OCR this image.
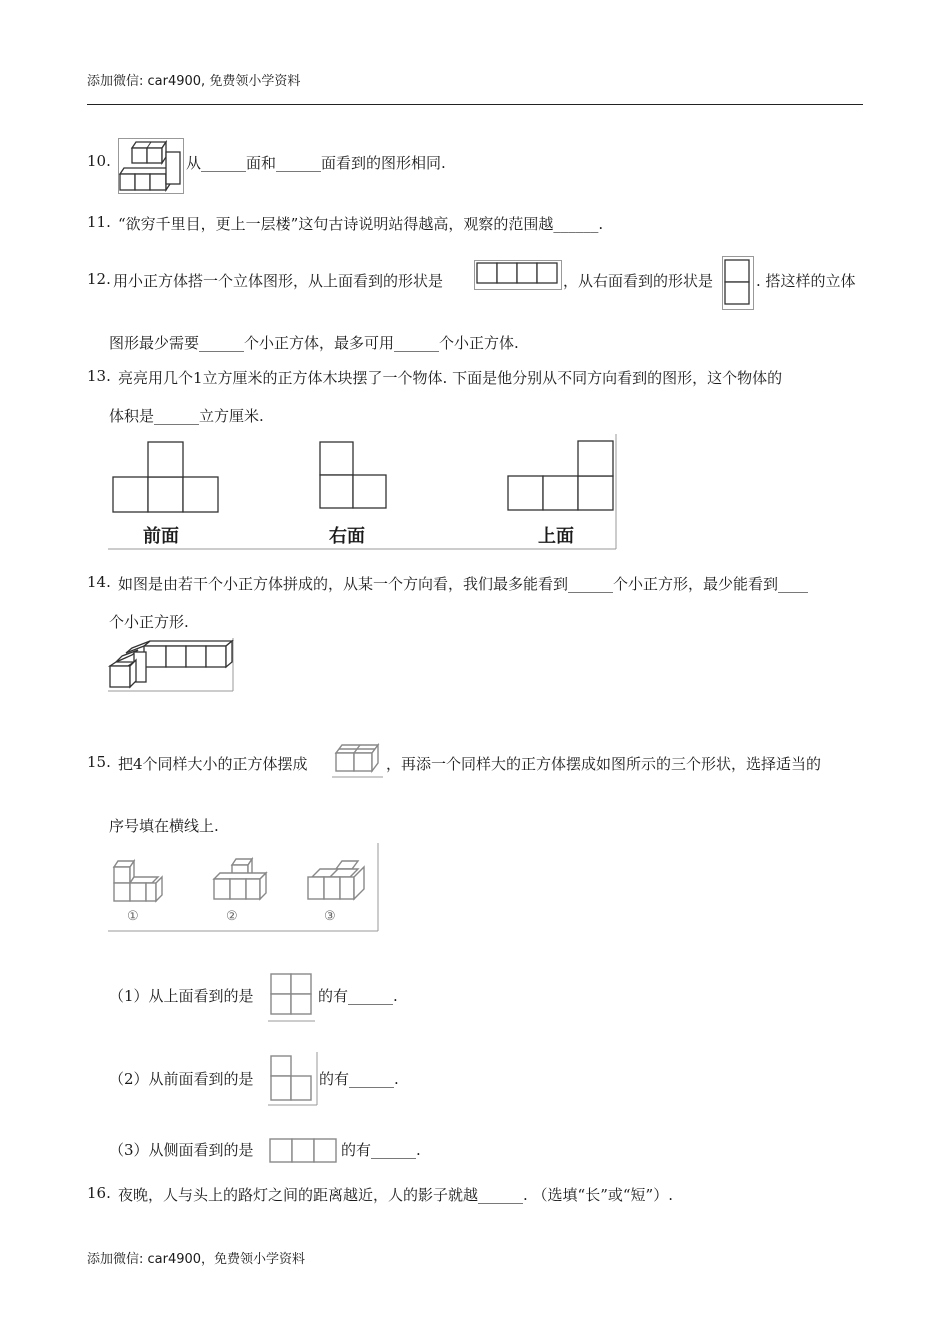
添加微信: car4900, 免费领小学资料
10.	从______面和______面看到的图形相同.
11. “欲穷千里目，更上一层楼”这句古诗说明站得越高，观察的范围越______.
12. 用小正方体搭一个立体图形，从上面看到的形状是	，从右面看到的形状是	. 搭这样的立体
图形最少需要______个小正方体，最多可用______个小正方体.
13. 亮亮用几个1立方厘米的正方体木块摆了一个物体. 下面是他分别从不同方向看到的图形，这个物体的
体积是______立方厘米.
前面	右面	上面
14. 如图是由若干个小正方体拼成的，从某一个方向看，我们最多能看到______个小正方形，最少能看到____
个小正方形.
15. 把4个同样大小的正方体摆成	，再添一个同样大的正方体摆成如图所示的三个形状，选择适当的
序号填在横线上.
①	②	③
（1）从上面看到的是	的有______.
（2）从前面看到的是	的有______.
（3）从侧面看到的是	的有______.
16. 夜晚，人与头上的路灯之间的距离越近，人的影子就越______. （选填“长”或“短”）.
添加微信: car4900，免费领小学资料
